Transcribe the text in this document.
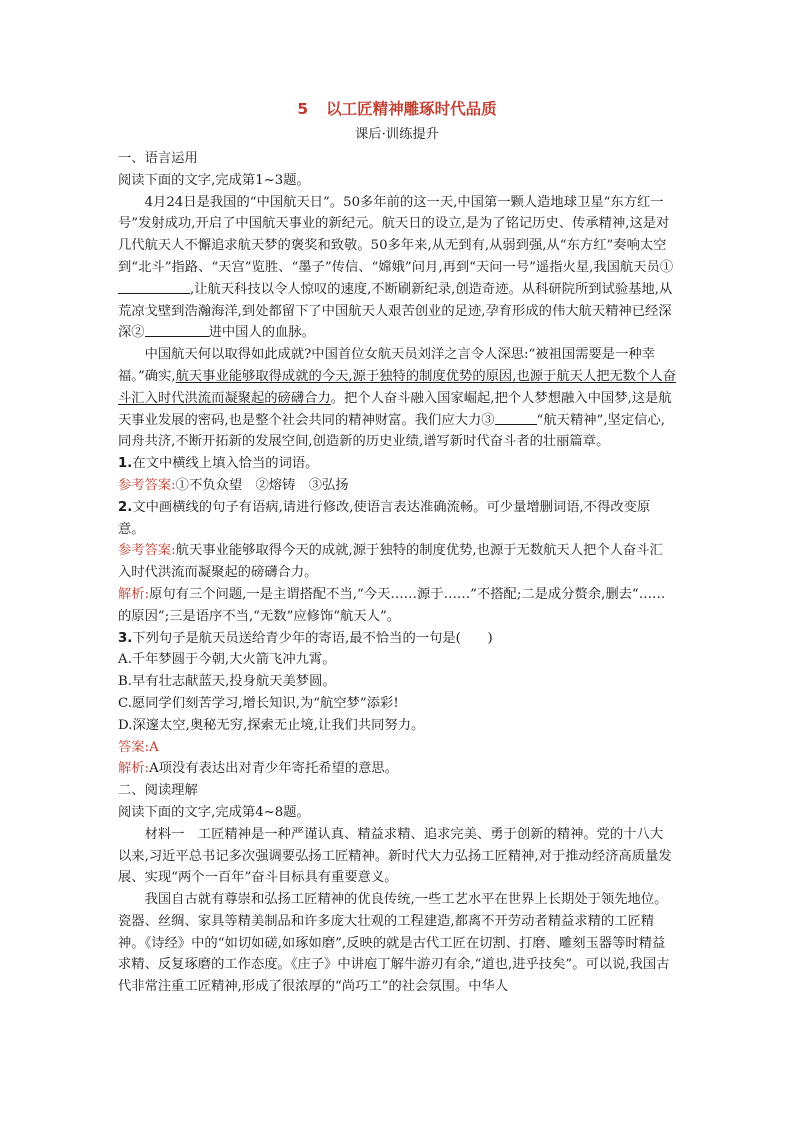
5 以工匠精神雕琢时代品质
课后·训练提升

一、语言运用

阅读下面的文字,完成第1~3题。

4月24日是我国的“中国航天日”。50多年前的这一天,中国第一颗人造地球卫星“东方红一号”发射成功,开启了中国航天事业的新纪元。航天日的设立,是为了铭记历史、传承精神,这是对几代航天人不懈追求航天梦的褒奖和致敬。50多年来,从无到有,从弱到强,从“东方红”奏响太空到“北斗”指路、“天宫”览胜、“墨子”传信、“嫦娥”问月,再到“天问一号”遥指火星,我国航天员①,让航天科技以令人惊叹的速度,不断刷新纪录,创造奇迹。从科研院所到试验基地,从荒凉戈壁到浩瀚海洋,到处都留下了中国航天人艰苦创业的足迹,孕育形成的伟大航天精神已经深深②	进中国人的血脉。

中国航天何以取得如此成就?中国首位女航天员刘洋之言令人深思:“被祖国需要是一种幸福。”确实,航天事业能够取得成就的今天,源于独特的制度优势的原因,也源于航天人把无数个人奋斗汇入时代洪流而凝聚起的磅礴合力。把个人奋斗融入国家崛起,把个人梦想融入中国梦,这是航天事业发展的密码,也是整个社会共同的精神财富。我们应大力③	“航天精神”,坚定信心,同舟共济,不断开拓新的发展空间,创造新的历史业绩,谱写新时代奋斗者的壮丽篇章。

1.在文中横线上填入恰当的词语。

参考答案:①不负众望　②熔铸　③弘扬

2.文中画横线的句子有语病,请进行修改,使语言表达准确流畅。可少量增删词语,不得改变原意。

参考答案:航天事业能够取得今天的成就,源于独特的制度优势,也源于无数航天人把个人奋斗汇入时代洪流而凝聚起的磅礴合力。

解析:原句有三个问题,一是主谓搭配不当,“今天……源于……”不搭配;二是成分赘余,删去“……的原因”;三是语序不当,“无数”应修饰“航天人”。

3.下列句子是航天员送给青少年的寄语,最不恰当的一句是(　　)

A.千年梦圆于今朝,大火箭飞冲九霄。

B.早有壮志献蓝天,投身航天美梦圆。

C.愿同学们刻苦学习,增长知识,为“航空梦”添彩!

D.深邃太空,奥秘无穷,探索无止境,让我们共同努力。

答案:A

解析:A项没有表达出对青少年寄托希望的意思。

二、阅读理解

阅读下面的文字,完成第4~8题。

材料一　工匠精神是一种严谨认真、精益求精、追求完美、勇于创新的精神。党的十八大以来,习近平总书记多次强调要弘扬工匠精神。新时代大力弘扬工匠精神,对于推动经济高质量发展、实现“两个一百年”奋斗目标具有重要意义。

我国自古就有尊崇和弘扬工匠精神的优良传统,一些工艺水平在世界上长期处于领先地位。瓷器、丝绸、家具等精美制品和许多庞大壮观的工程建造,都离不开劳动者精益求精的工匠精神。《诗经》中的“如切如磋,如琢如磨”,反映的就是古代工匠在切割、打磨、雕刻玉器等时精益求精、反复琢磨的工作态度。《庄子》中讲庖丁解牛游刃有余,“道也,进乎技矣”。可以说,我国古代非常注重工匠精神,形成了很浓厚的“尚巧工”的社会氛围。中华人
